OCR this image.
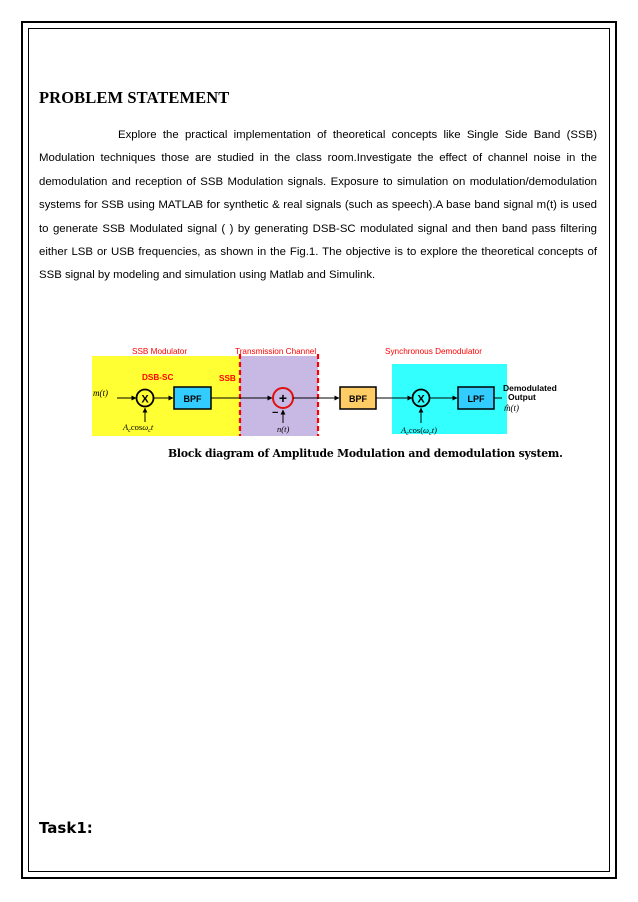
PROBLEM STATEMENT

Explore the practical implementation of theoretical concepts like Single Side Band (SSB) Modulation techniques those are studied in the class room.Investigate the effect of channel noise in the demodulation and reception of SSB Modulation signals. Exposure to simulation on modulation/demodulation systems for SSB using MATLAB for synthetic & real signals (such as speech).A base band signal m(t) is used to generate SSB Modulated signal ( ) by generating DSB-SC modulated signal and then band pass filtering either LSB or USB frequencies, as shown in the Fig.1. The objective is to explore the theoretical concepts of SSB signal by modeling and simulation using Matlab and Simulink.

SSB Modulator	Transmission Channel	Synchronous Demodulator
DSB-SC	SSB
m(t)
X
$A_c\cos\omega_ct$
BPF	+
−
n(t)
BPF	X
$A_c\cos(\omega_ct)$
LPF
Demodulated
Output
m̂(t)
Block diagram of Amplitude Modulation and demodulation system.
Task1:
